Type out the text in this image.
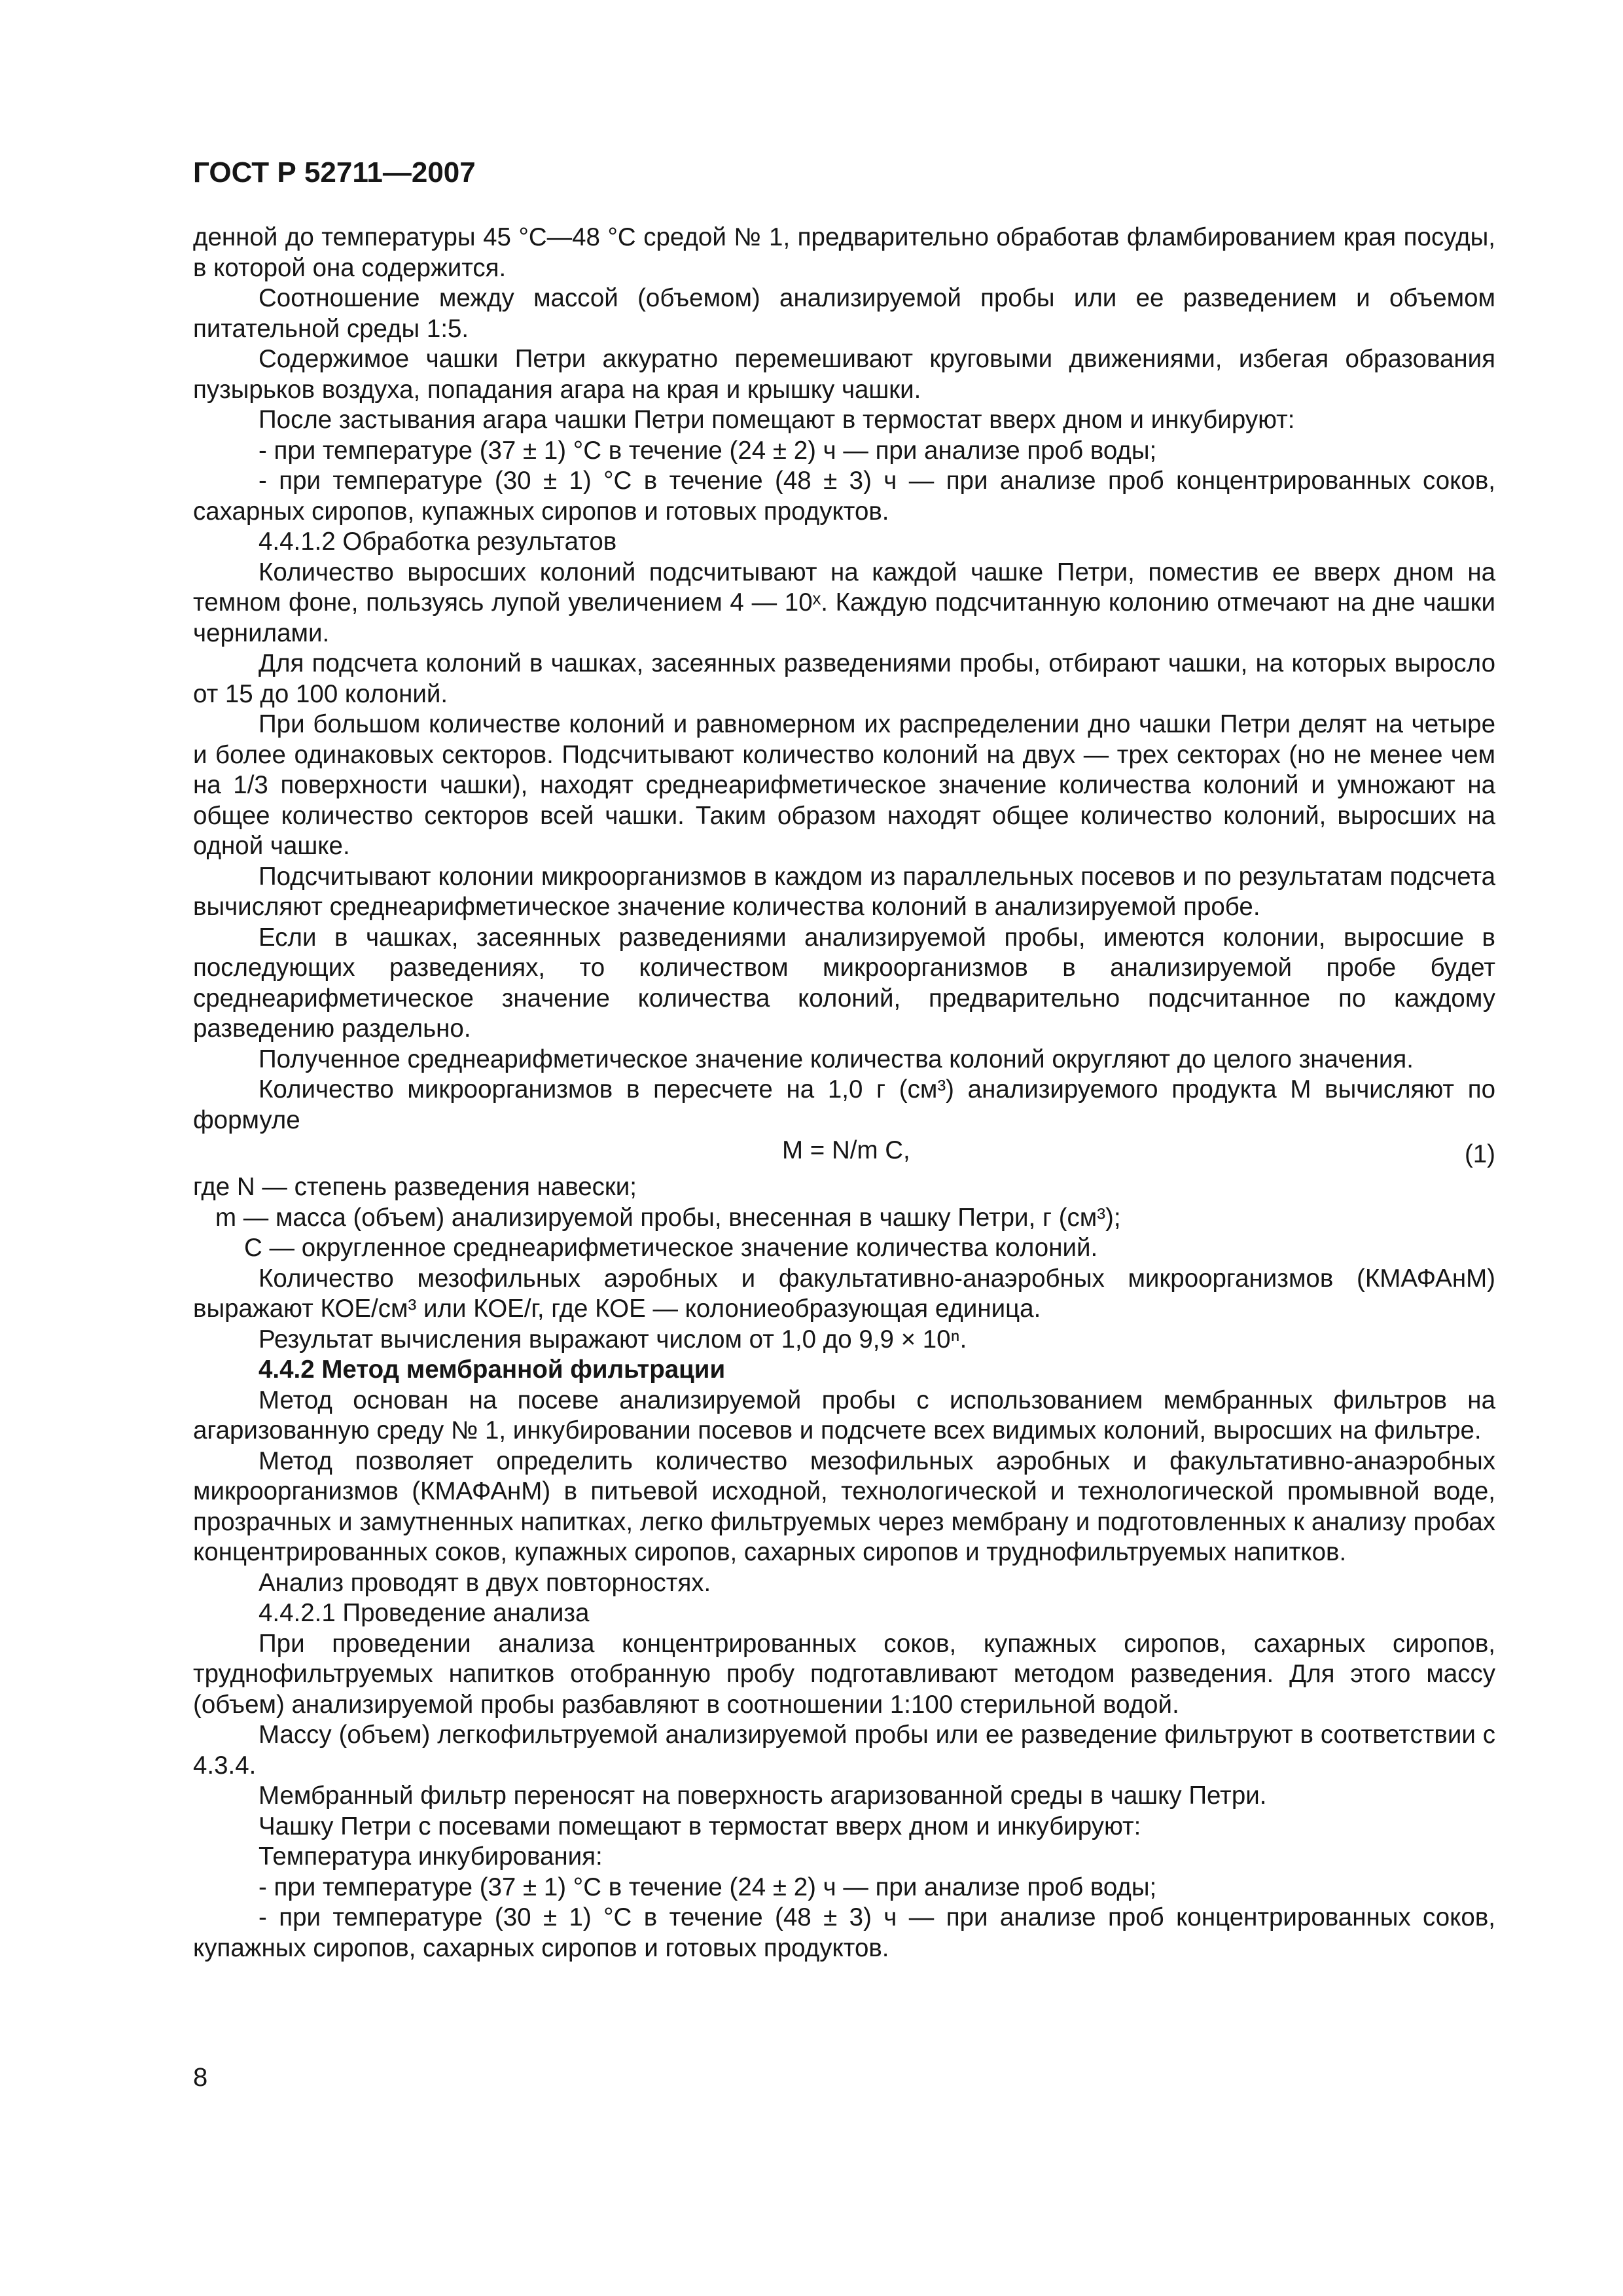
ГОСТ Р 52711—2007

денной до температуры 45 °С—48 °С средой № 1, предварительно обработав фламбированием края посуды, в которой она содержится.

Соотношение между массой (объемом) анализируемой пробы или ее разведением и объемом питательной среды 1:5.

Содержимое чашки Петри аккуратно перемешивают круговыми движениями, избегая образования пузырьков воздуха, попадания агара на края и крышку чашки.

После застывания агара чашки Петри помещают в термостат вверх дном и инкубируют:

- при температуре (37 ± 1) °С в течение (24 ± 2) ч — при анализе проб воды;

- при температуре (30 ± 1) °С в течение (48 ± 3) ч — при анализе проб концентрированных соков, сахарных сиропов, купажных сиропов и готовых продуктов.

4.4.1.2 Обработка результатов

Количество выросших колоний подсчитывают на каждой чашке Петри, поместив ее вверх дном на темном фоне, пользуясь лупой увеличением 4 — 10ˣ. Каждую подсчитанную колонию отмечают на дне чашки чернилами.

Для подсчета колоний в чашках, засеянных разведениями пробы, отбирают чашки, на которых выросло от 15 до 100 колоний.

При большом количестве колоний и равномерном их распределении дно чашки Петри делят на четыре и более одинаковых секторов. Подсчитывают количество колоний на двух — трех секторах (но не менее чем на 1/3 поверхности чашки), находят среднеарифметическое значение количества колоний и умножают на общее количество секторов всей чашки. Таким образом находят общее количество колоний, выросших на одной чашке.

Подсчитывают колонии микроорганизмов в каждом из параллельных посевов и по результатам подсчета вычисляют среднеарифметическое значение количества колоний в анализируемой пробе.

Если в чашках, засеянных разведениями анализируемой пробы, имеются колонии, выросшие в последующих разведениях, то количеством микроорганизмов в анализируемой пробе будет среднеарифметическое значение количества колоний, предварительно подсчитанное по каждому разведению раздельно.

Полученное среднеарифметическое значение количества колоний округляют до целого значения.

Количество микроорганизмов в пересчете на 1,0 г (см³) анализируемого продукта M вычисляют по формуле

M = N/m C,	(1)

где N — степень разведения навески;

m — масса (объем) анализируемой пробы, внесенная в чашку Петри, г (см³);

С — округленное среднеарифметическое значение количества колоний.

Количество мезофильных аэробных и факультативно-анаэробных микроорганизмов (КМАФАнМ) выражают КОЕ/см³ или КОЕ/г, где КОЕ — колониеобразующая единица.

Результат вычисления выражают числом от 1,0 до 9,9 × 10ⁿ.

4.4.2 Метод мембранной фильтрации

Метод основан на посеве анализируемой пробы с использованием мембранных фильтров на агаризованную среду № 1, инкубировании посевов и подсчете всех видимых колоний, выросших на фильтре.

Метод позволяет определить количество мезофильных аэробных и факультативно-анаэробных микроорганизмов (КМАФАнМ) в питьевой исходной, технологической и технологической промывной воде, прозрачных и замутненных напитках, легко фильтруемых через мембрану и подготовленных к анализу пробах концентрированных соков, купажных сиропов, сахарных сиропов и труднофильтруемых напитков.

Анализ проводят в двух повторностях.

4.4.2.1 Проведение анализа

При проведении анализа концентрированных соков, купажных сиропов, сахарных сиропов, труднофильтруемых напитков отобранную пробу подготавливают методом разведения. Для этого массу (объем) анализируемой пробы разбавляют в соотношении 1:100 стерильной водой.

Массу (объем) легкофильтруемой анализируемой пробы или ее разведение фильтруют в соответствии с 4.3.4.

Мембранный фильтр переносят на поверхность агаризованной среды в чашку Петри.

Чашку Петри с посевами помещают в термостат вверх дном и инкубируют:

Температура инкубирования:

- при температуре (37 ± 1) °С в течение (24 ± 2) ч — при анализе проб воды;

- при температуре (30 ± 1) °С в течение (48 ± 3) ч — при анализе проб концентрированных соков, купажных сиропов, сахарных сиропов и готовых продуктов.

8
